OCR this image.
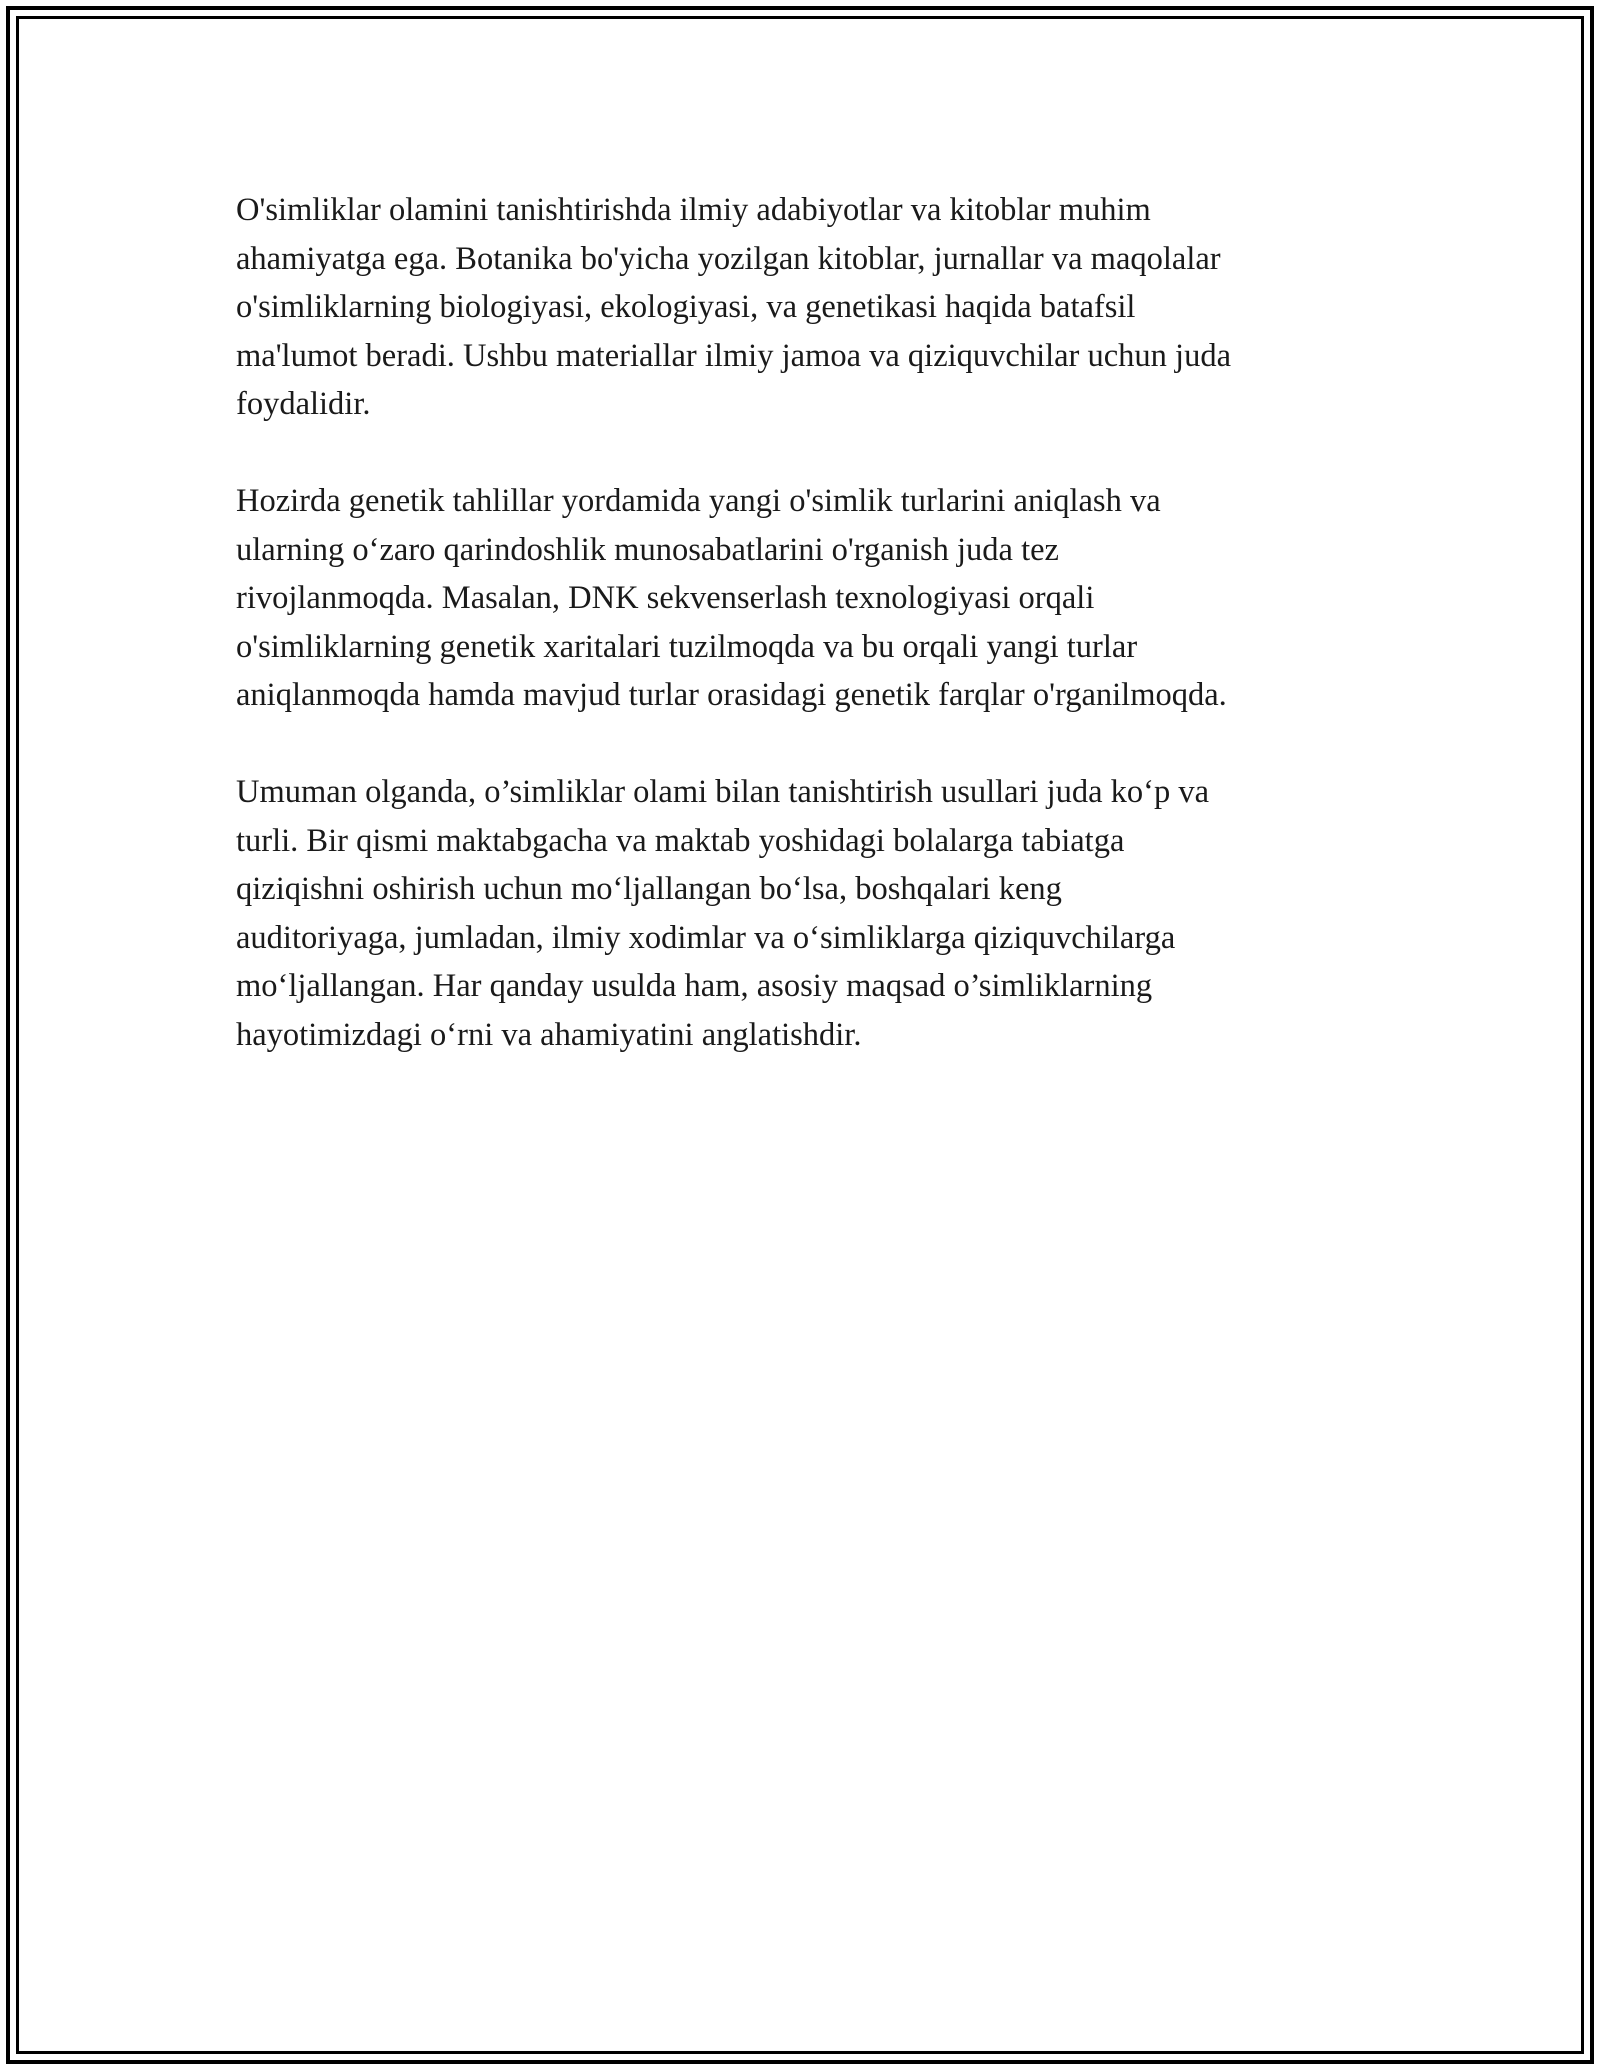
O'simliklar olamini tanishtirishda ilmiy adabiyotlar va kitoblar muhim
ahamiyatga ega. Botanika bo'yicha yozilgan kitoblar, jurnallar va maqolalar
o'simliklarning biologiyasi, ekologiyasi, va genetikasi haqida batafsil
ma'lumot beradi. Ushbu materiallar ilmiy jamoa va qiziquvchilar uchun juda
foydalidir.

Hozirda genetik tahlillar yordamida yangi o'simlik turlarini aniqlash va
ularning oʻzaro qarindoshlik munosabatlarini o'rganish juda tez
rivojlanmoqda. Masalan, DNK sekvenserlash texnologiyasi orqali
o'simliklarning genetik xaritalari tuzilmoqda va bu orqali yangi turlar
aniqlanmoqda hamda mavjud turlar orasidagi genetik farqlar o'rganilmoqda.

Umuman olganda, o’simliklar olami bilan tanishtirish usullari juda koʻp va
turli. Bir qismi maktabgacha va maktab yoshidagi bolalarga tabiatga
qiziqishni oshirish uchun moʻljallangan boʻlsa, boshqalari keng
auditoriyaga, jumladan, ilmiy xodimlar va oʻsimliklarga qiziquvchilarga
moʻljallangan. Har qanday usulda ham, asosiy maqsad o’simliklarning
hayotimizdagi oʻrni va ahamiyatini anglatishdir.
